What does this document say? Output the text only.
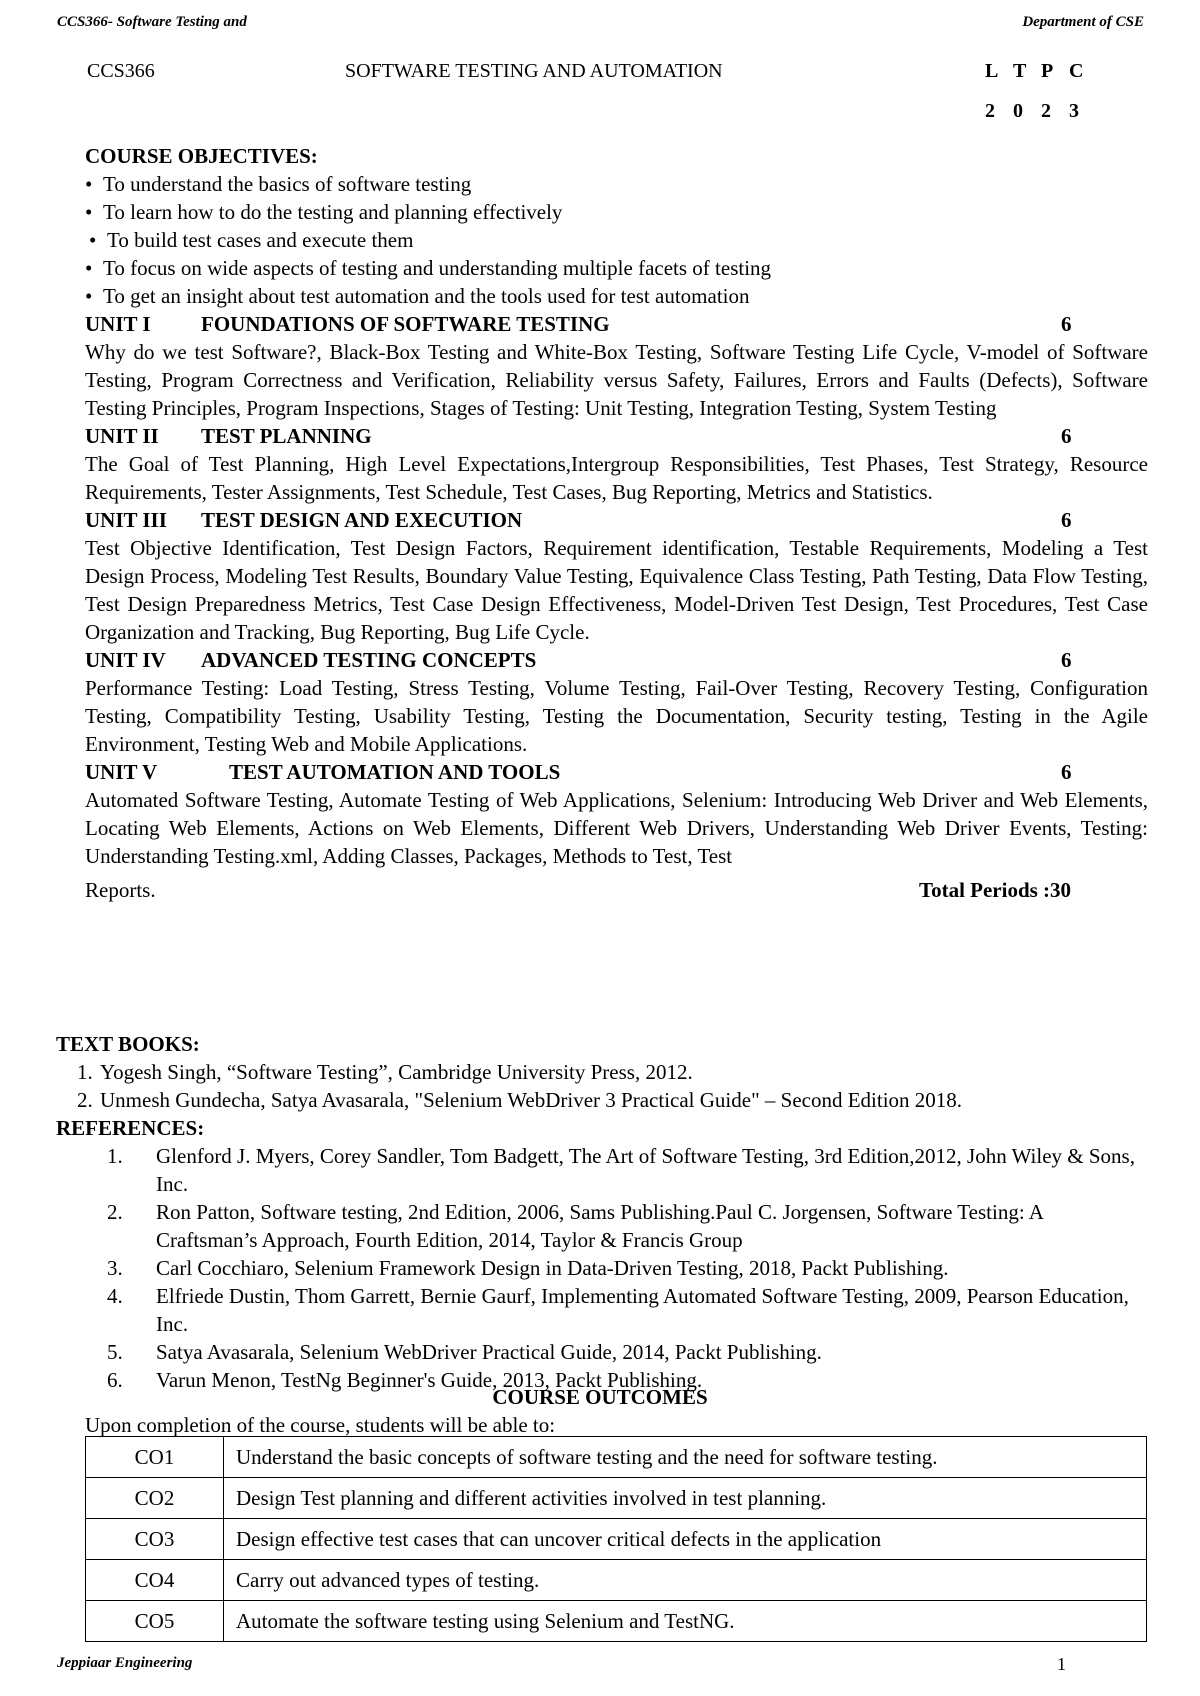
CCS366- Software Testing and	Department of CSE
CCS366	SOFTWARE TESTING AND AUTOMATION	L T P C
2 0 2 3
COURSE OBJECTIVES:
• To understand the basics of software testing
• To learn how to do the testing and planning effectively
• To build test cases and execute them
• To focus on wide aspects of testing and understanding multiple facets of testing
• To get an insight about test automation and the tools used for test automation
UNIT I FOUNDATIONS OF SOFTWARE TESTING	6

Why do we test Software?, Black-Box Testing and White-Box Testing, Software Testing Life Cycle, V-model of Software Testing, Program Correctness and Verification, Reliability versus Safety, Failures, Errors and Faults (Defects), Software Testing Principles, Program Inspections, Stages of Testing: Unit Testing, Integration Testing, System Testing

UNIT II TEST PLANNING	6

The Goal of Test Planning, High Level Expectations,Intergroup Responsibilities, Test Phases, Test Strategy, Resource Requirements, Tester Assignments, Test Schedule, Test Cases, Bug Reporting, Metrics and Statistics.

UNIT III TEST DESIGN AND EXECUTION	6

Test Objective Identification, Test Design Factors, Requirement identification, Testable Requirements, Modeling a Test Design Process, Modeling Test Results, Boundary Value Testing, Equivalence Class Testing, Path Testing, Data Flow Testing, Test Design Preparedness Metrics, Test Case Design Effectiveness, Model-Driven Test Design, Test Procedures, Test Case Organization and Tracking, Bug Reporting, Bug Life Cycle.

UNIT IV ADVANCED TESTING CONCEPTS	6

Performance Testing: Load Testing, Stress Testing, Volume Testing, Fail-Over Testing, Recovery Testing, Configuration Testing, Compatibility Testing, Usability Testing, Testing the Documentation, Security testing, Testing in the Agile Environment, Testing Web and Mobile Applications.

UNIT V	TEST AUTOMATION AND TOOLS	6

Automated Software Testing, Automate Testing of Web Applications, Selenium: Introducing Web Driver and Web Elements, Locating Web Elements, Actions on Web Elements, Different Web Drivers, Understanding Web Driver Events, Testing: Understanding Testing.xml, Adding Classes, Packages, Methods to Test, Test

Reports.	Total Periods :30
TEXT BOOKS:
1. Yogesh Singh, “Software Testing”, Cambridge University Press, 2012.
2. Unmesh Gundecha, Satya Avasarala, "Selenium WebDriver 3 Practical Guide" – Second Edition 2018.
REFERENCES:
1. Glenford J. Myers, Corey Sandler, Tom Badgett, The Art of Software Testing, 3rd Edition,2012, John Wiley & Sons, Inc.
2. Ron Patton, Software testing, 2nd Edition, 2006, Sams Publishing.Paul C. Jorgensen, Software Testing: A Craftsman’s Approach, Fourth Edition, 2014, Taylor & Francis Group
3. Carl Cocchiaro, Selenium Framework Design in Data-Driven Testing, 2018, Packt Publishing.
4. Elfriede Dustin, Thom Garrett, Bernie Gaurf, Implementing Automated Software Testing, 2009, Pearson Education, Inc.
5. Satya Avasarala, Selenium WebDriver Practical Guide, 2014, Packt Publishing.
6. Varun Menon, TestNg Beginner's Guide, 2013, Packt Publishing.
COURSE OUTCOMES
Upon completion of the course, students will be able to:
CO1	Understand the basic concepts of software testing and the need for software testing.
CO2	Design Test planning and different activities involved in test planning.
CO3	Design effective test cases that can uncover critical defects in the application
CO4	Carry out advanced types of testing.
CO5	Automate the software testing using Selenium and TestNG.
Jeppiaar Engineering	1
